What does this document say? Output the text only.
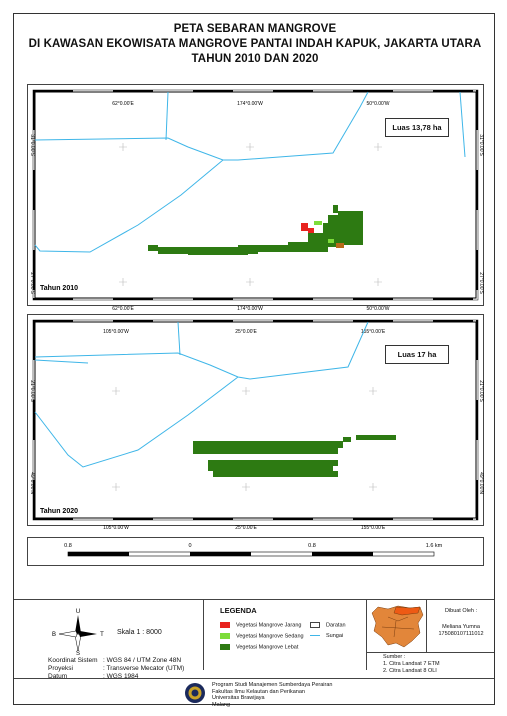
PETA SEBARAN MANGROVE
DI KAWASAN EKOWISATA MANGROVE PANTAI INDAH KAPUK, JAKARTA UTARA
TAHUN 2010 DAN 2020
62°0.00'E	174°0.00'W	50°0.00'W
62°0.00'E	174°0.00'W	50°0.00'W
31°0.00'S
27°0.00'S
31°0.00'S
27°0.00'S
Tahun 2010
Luas 13,78 ha
105°0.00'W	25°0.00'E	155°0.00'E
105°0.00'W	25°0.00'E	155°0.00'E
21°0.00'S
49°0.00'N
21°0.00'S
49°0.00'N
Tahun 2020
Luas 17 ha
0.8	0	0.8	1.6 km
U
B	T
S
Skala 1 : 8000
Koordinat Sistem : WGS 84 / UTM Zone 48N
Proyeksi	: Transverse Mecator (UTM)
Datum	: WGS 1984
LEGENDA
Vegetasi Mangrove Jarang
Vegetasi Mangrove Sedang
Vegetasi Mangrove Lebat
Daratan
Sungai
Dibuat Oleh :
Meliana Yumna
175080107111012
Sumber :
1. Citra Landsat 7 ETM
2. Citra Landsat 8 OLI
Program Studi Manajemen Sumberdaya Perairan
Fakultas Ilmu Kelautan dan Perikanan
Universitas Brawijaya
Malang
